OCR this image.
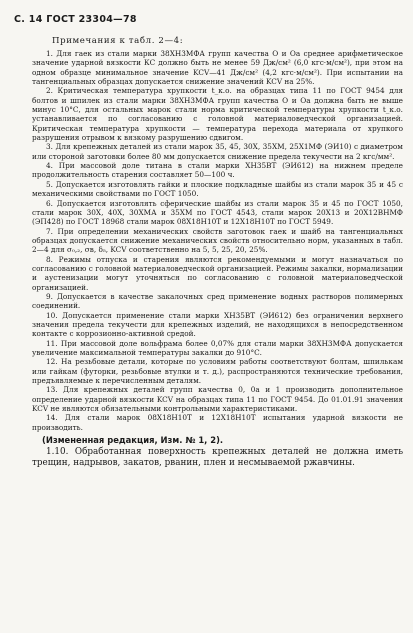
С. 14 ГОСТ 23304—78
Примечания к табл. 2—4:

1. Для гаек из стали марки 38ХН3МФА групп качества О и Оа среднее арифметическое значение ударной вязкости КС должно быть не менее 59 Дж/см² (6,0 кгс·м/см²), при этом на одном образце минимальное значение KCV—41 Дж/см² (4,2 кгс·м/см²). При испытании на тангенциальных образцах допускается снижение значений KCV на 25%.

2. Критическая температура хрупкости t_к.о. на образцах типа 11 по ГОСТ 9454 для болтов и шпилек из стали марки 38ХН3МФА групп качества О и Оа должна быть не выше минус 10°С, для остальных марок стали норма критической температуры хрупкости t_к.о. устанавливается по согласованию с головной материаловедческой организацией. Критическая температура хрупкости — температура перехода материала от хрупкого разрушения отрывом к вязкому разрушению сдвигом.

3. Для крепежных деталей из стали марок 35, 45, 30Х, 35ХМ, 25Х1МФ (ЭИ10) с диаметром или стороной заготовки более 80 мм допускается снижение предела текучести на 2 кгс/мм².

4. При массовой доле титана в стали марки ХН35ВТ (ЭИ612) на нижнем пределе продолжительность старения составляет 50—100 ч.

5. Допускается изготовлять гайки и плоские подкладные шайбы из стали марок 35 и 45 с механическими свойствами по ГОСТ 1050.

6. Допускается изготовлять сферические шайбы из стали марок 35 и 45 по ГОСТ 1050, стали марок 30Х, 40Х, 30ХМА и 35ХМ по ГОСТ 4543, стали марок 20Х13 и 20Х12ВНМФ (ЭП428) по ГОСТ 18968 стали марок 08Х18Н10Т и 12Х18Н10Т по ГОСТ 5949.

7. При определении механических свойств заготовок гаек и шайб на тангенциальных образцах допускается снижение механических свойств относительно норм, указанных в табл. 2—4 для σ₀,₂, σв, δ₅, KCV соответственно на 5, 5, 25, 20, 25%.

8. Режимы отпуска и старения являются рекомендуемыми и могут назначаться по согласованию с головной материаловедческой организацией. Режимы закалки, нормализации и аустенизации могут уточняться по согласованию с головной материаловедческой организацией.

9. Допускается в качестве закалочных сред применение водных растворов полимерных соединений.

10. Допускается применение стали марки ХН35ВТ (ЭИ612) без ограничения верхнего значения предела текучести для крепежных изделий, не находящихся в непосредственном контакте с коррозионно-активной средой.

11. При массовой доле вольфрама более 0,07% для стали марки 38ХН3МФА допускается увеличение максимальной температуры закалки до 910°С.

12. На резьбовые детали, которые по условиям работы соответствуют болтам, шпилькам или гайкам (футорки, резьбовые втулки и т. д.), распространяются технические требования, предъявляемые к перечисленным деталям.

13. Для крепежных деталей групп качества 0, 0а и 1 производить дополнительное определение ударной вязкости KCV на образцах типа 11 по ГОСТ 9454. До 01.01.91 значения KCV не являются обязательными контрольными характеристиками.

14. Для стали марок 08Х18Н10Т и 12Х18Н10Т испытания ударной вязкости не производить.

(Измененная редакция, Изм. № 1, 2).

1.10. Обработанная поверхность крепежных деталей не должна иметь трещин, надрывов, закатов, рванин, плен и несмываемой ржавчины.
